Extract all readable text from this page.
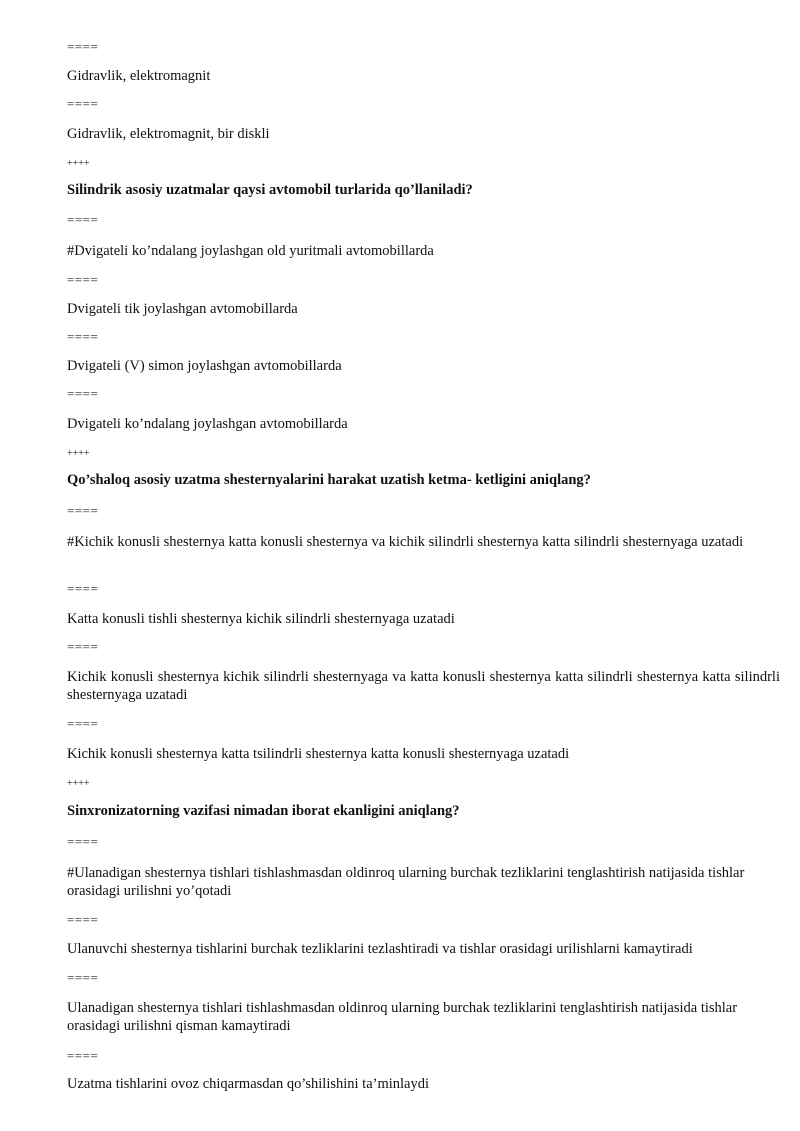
====
Gidravlik, elektromagnit
====
Gidravlik, elektromagnit, bir diskli
++++
Silindrik asosiy uzatmalar qaysi avtomobil turlarida qo’llaniladi?
====
#Dvigateli ko’ndalang joylashgan old yuritmali avtomobillarda
====
Dvigateli tik joylashgan avtomobillarda
====
Dvigateli (V) simon joylashgan avtomobillarda
====
Dvigateli ko’ndalang joylashgan avtomobillarda
++++
Qo’shaloq asosiy uzatma shesternyalarini harakat uzatish ketma- ketligini aniqlang?
====
#Kichik konusli shesternya katta konusli shesternya va kichik silindrli shesternya katta silindrli shesternyaga uzatadi
====
Katta konusli tishli shesternya kichik silindrli shesternyaga uzatadi
====
Kichik konusli shesternya kichik silindrli shesternyaga va katta konusli shesternya katta silindrli shesternya katta silindrli shesternyaga uzatadi
====
Kichik konusli shesternya katta tsilindrli shesternya katta konusli shesternyaga uzatadi
++++
Sinxronizatorning vazifasi nimadan iborat ekanligini aniqlang?
====
#Ulanadigan shesternya tishlari tishlashmasdan oldinroq ularning burchak tezliklarini tenglashtirish natijasida tishlar orasidagi urilishni yo’qotadi
====
Ulanuvchi shesternya tishlarini burchak tezliklarini tezlashtiradi va tishlar orasidagi urilishlarni kamaytiradi
====
Ulanadigan shesternya tishlari tishlashmasdan oldinroq ularning burchak tezliklarini tenglashtirish natijasida tishlar orasidagi urilishni qisman kamaytiradi
====
Uzatma tishlarini ovoz chiqarmasdan qo’shilishini ta’minlaydi
